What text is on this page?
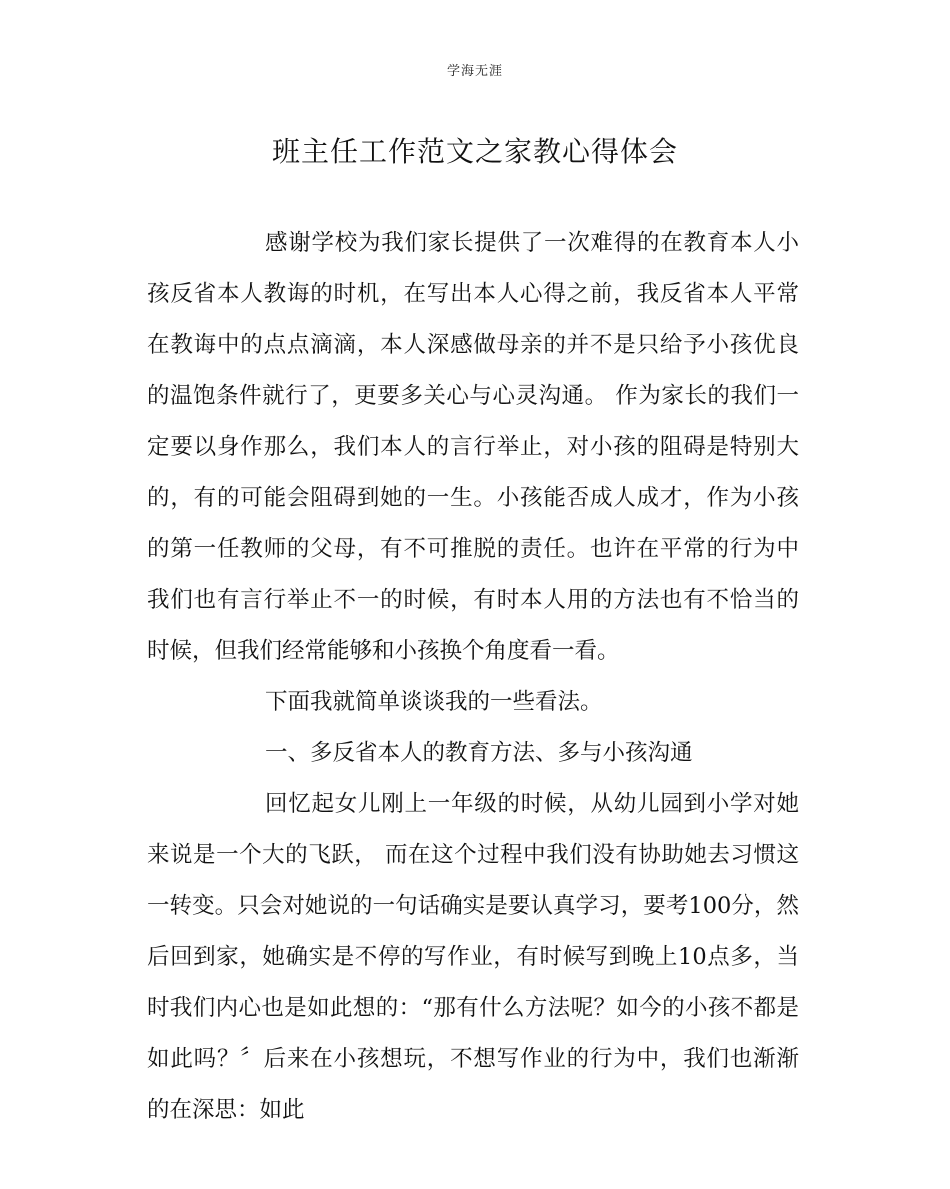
学海无涯
班主任工作范文之家教心得体会

感谢学校为我们家长提供了一次难得的在教育本人小孩反省本人教诲的时机，在写出本人心得之前，我反省本人平常在教诲中的点点滴滴，本人深感做母亲的并不是只给予小孩优良的温饱条件就行了，更要多关心与心灵沟通。 作为家长的我们一定要以身作那么，我们本人的言行举止，对小孩的阻碍是特别大的，有的可能会阻碍到她的一生。小孩能否成人成才，作为小孩的第一任教师的父母，有不可推脱的责任。也许在平常的行为中我们也有言行举止不一的时候，有时本人用的方法也有不恰当的时候，但我们经常能够和小孩换个角度看一看。

下面我就简单谈谈我的一些看法。

一、多反省本人的教育方法、多与小孩沟通

回忆起女儿刚上一年级的时候，从幼儿园到小学对她来说是一个大的飞跃， 而在这个过程中我们没有协助她去习惯这一转变。只会对她说的一句话确实是要认真学习，要考100分，然后回到家，她确实是不停的写作业，有时候写到晚上10点多，当时我们内心也是如此想的：“那有什么方法呢？如今的小孩不都是如此吗？〞后来在小孩想玩，不想写作业的行为中，我们也渐渐的在深思：如此
